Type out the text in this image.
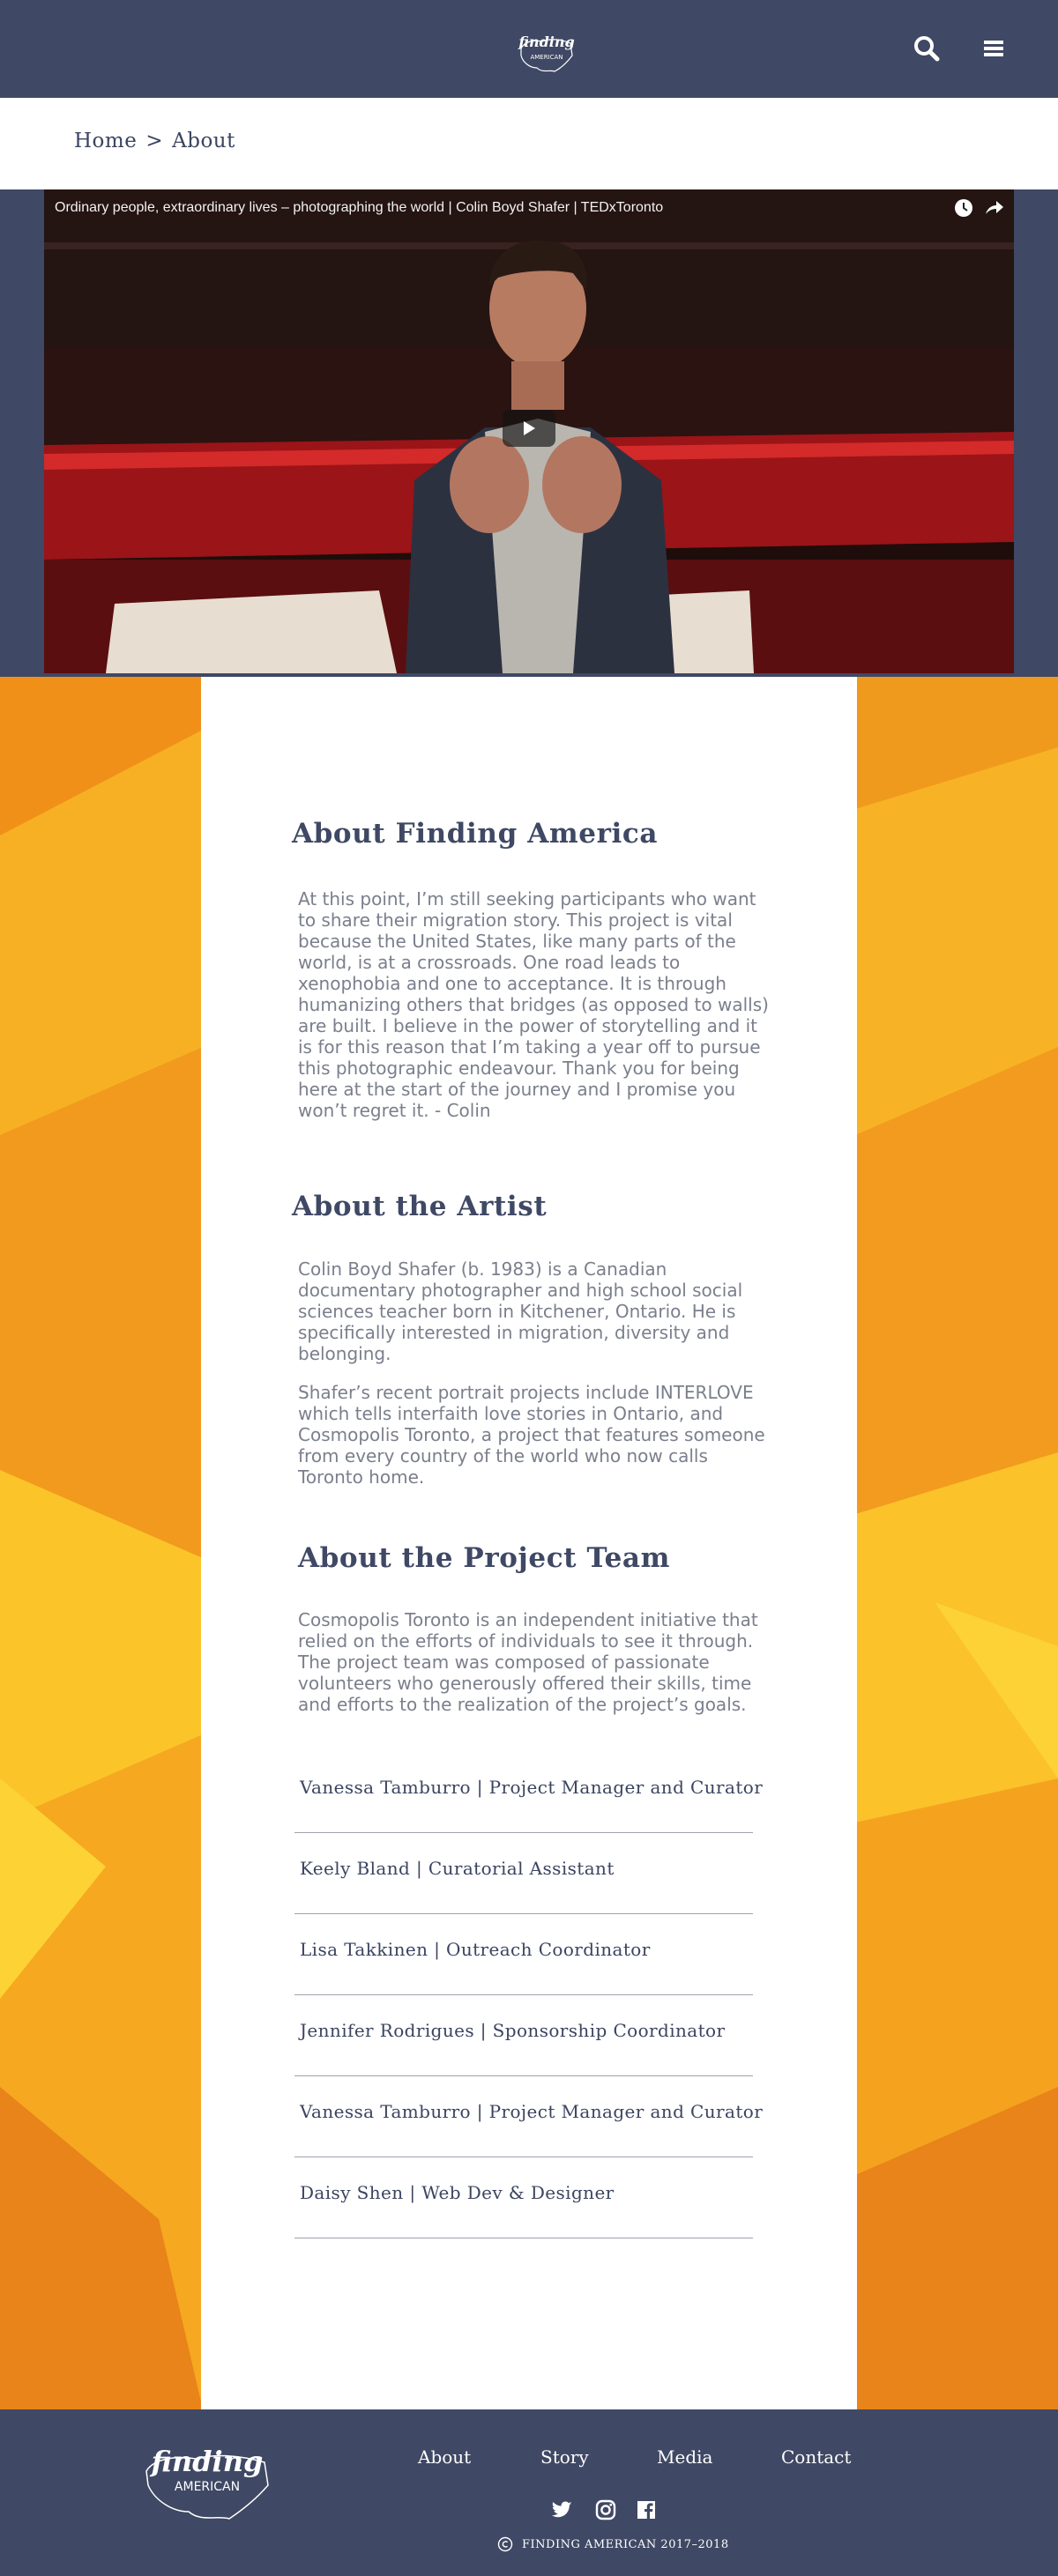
finding
AMERICAN
Home > About
Ordinary people, extraordinary lives – photographing the world | Colin Boyd Shafer | TEDxToronto
About Finding America

At this point, I’m still seeking participants who want to share their migration story. This project is vital because the United States, like many parts of the world, is at a crossroads. One road leads to xenophobia and one to acceptance. It is through humanizing others that bridges (as opposed to walls) are built. I believe in the power of storytelling and it is for this reason that I’m taking a year off to pursue this photographic endeavour. Thank you for being here at the start of the journey and I promise you won’t regret it. - Colin

About the Artist

Colin Boyd Shafer (b. 1983) is a Canadian documentary photographer and high school social sciences teacher born in Kitchener, Ontario. He is specifically interested in migration, diversity and belonging.

Shafer’s recent portrait projects include INTERLOVE which tells interfaith love stories in Ontario, and Cosmopolis Toronto, a project that features someone from every country of the world who now calls Toronto home.

About the Project Team

Cosmopolis Toronto is an independent initiative that relied on the efforts of individuals to see it through. The project team was composed of passionate volunteers who generously offered their skills, time and efforts to the realization of the project’s goals.

Vanessa Tamburro | Project Manager and Curator
Keely Bland | Curatorial Assistant
Lisa Takkinen | Outreach Coordinator
Jennifer Rodrigues | Sponsorship Coordinator
Vanessa Tamburro | Project Manager and Curator
Daisy Shen | Web Dev & Designer
finding
AMERICAN
About	Story	Media	Contact
FINDING AMERICAN 2017–2018
